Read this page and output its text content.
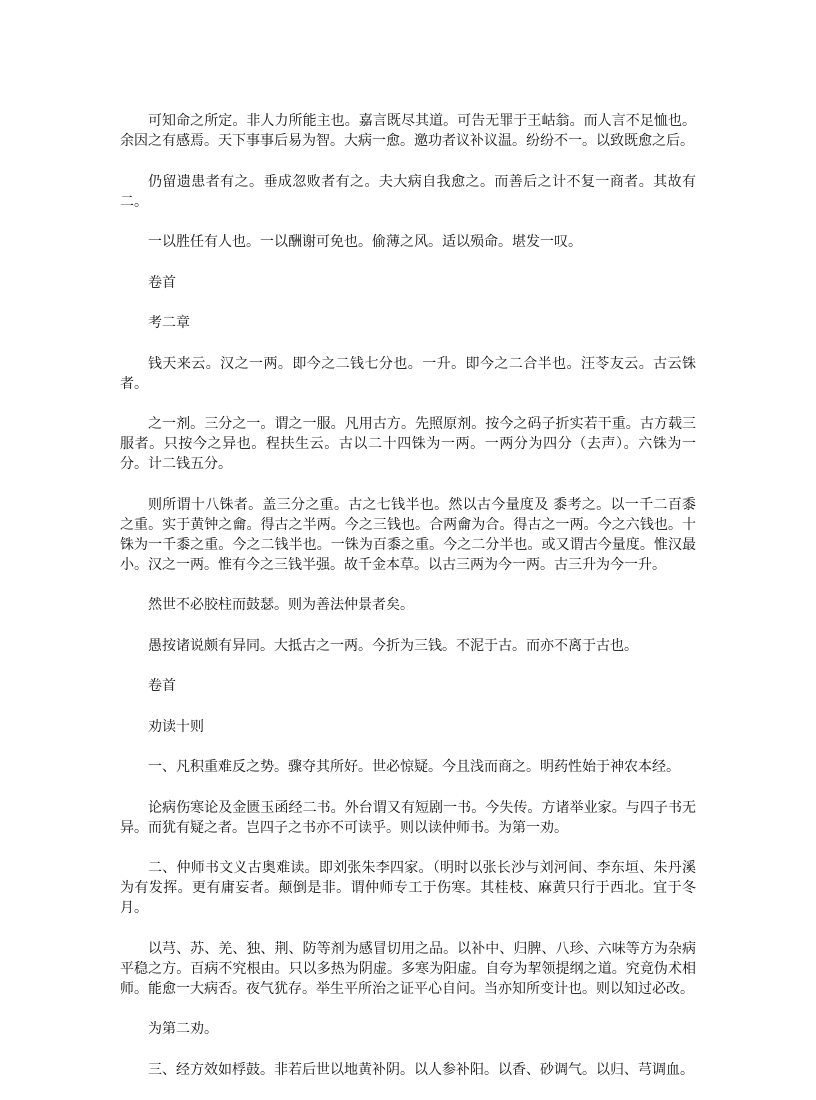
可知命之所定。非人力所能主也。嘉言既尽其道。可告无罪于王岵翁。而人言不足恤也。余因之有感焉。天下事事后易为智。大病一愈。邀功者议补议温。纷纷不一。以致既愈之后。

仍留遗患者有之。垂成忽败者有之。夫大病自我愈之。而善后之计不复一商者。其故有二。

一以胜任有人也。一以酬谢可免也。偷薄之风。适以殒命。堪发一叹。

卷首

考二章

钱天来云。汉之一两。即今之二钱七分也。一升。即今之二合半也。汪苓友云。古云铢者。

之一剂。三分之一。谓之一服。凡用古方。先照原剂。按今之码子折实若干重。古方载三服者。只按今之异也。程扶生云。古以二十四铢为一两。一两分为四分（去声）。六铢为一分。计二钱五分。

则所谓十八铢者。盖三分之重。古之七钱半也。然以古今量度及 黍考之。以一千二百黍之重。实于黄钟之龠。得古之半两。今之三钱也。合两龠为合。得古之一两。今之六钱也。十铢为一千黍之重。今之二钱半也。一铢为百黍之重。今之二分半也。或又谓古今量度。惟汉最小。汉之一两。惟有今之三钱半强。故千金本草。以古三两为今一两。古三升为今一升。

然世不必胶柱而鼓瑟。则为善法仲景者矣。

愚按诸说颇有异同。大抵古之一两。今折为三钱。不泥于古。而亦不离于古也。

卷首

劝读十则

一、凡积重难反之势。骤夺其所好。世必惊疑。今且浅而商之。明药性始于神农本经。

论病伤寒论及金匮玉函经二书。外台谓又有短剧一书。今失传。方诸举业家。与四子书无异。而犹有疑之者。岂四子之书亦不可读乎。则以读仲师书。为第一劝。

二、仲师书文义古奥难读。即刘张朱李四家。（明时以张长沙与刘河间、李东垣、朱丹溪为有发挥。更有庸妄者。颠倒是非。谓仲师专工于伤寒。其桂枝、麻黄只行于西北。宜于冬月。

以芎、苏、羌、独、荆、防等剂为感冒切用之品。以补中、归脾、八珍、六味等方为杂病平稳之方。百病不究根由。只以多热为阴虚。多寒为阳虚。自夸为挈领提纲之道。究竟伪术相师。能愈一大病否。夜气犹存。举生平所治之证平心自问。当亦知所变计也。则以知过必改。

为第二劝。

三、经方效如桴鼓。非若后世以地黄补阴。以人参补阳。以香、砂调气。以归、芎调血。
